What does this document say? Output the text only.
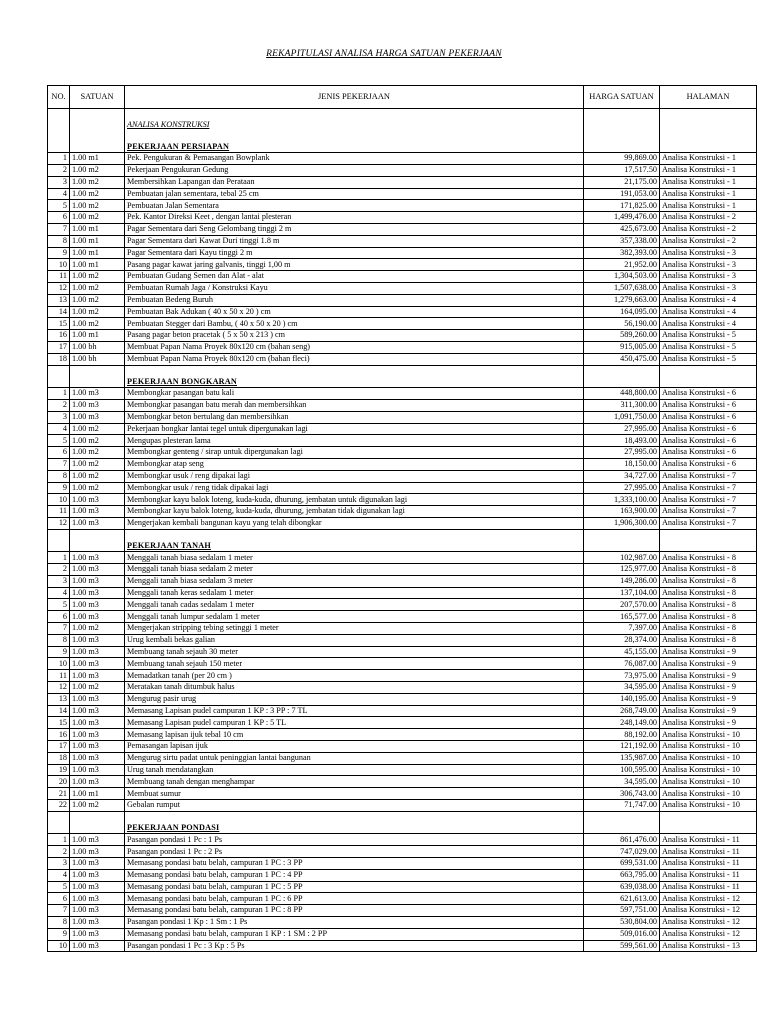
REKAPITULASI ANALISA HARGA SATUAN PEKERJAAN
NO.	SATUAN	JENIS PEKERJAAN	HARGA SATUAN	HALAMAN

		ANALISA KONSTRUKSI		

		PEKERJAAN PERSIAPAN		
1	1.00 m1	Pek. Pengukuran & Pemasangan Bowplank	99,869.00	Analisa Konstruksi - 1
2	1.00 m2	Pekerjaan Pengukuran Gedung	17,517.50	Analisa Konstruksi - 1
3	1.00 m2	Membersihkan Lapangan dan Perataan	21,175.00	Analisa Konstruksi - 1
4	1.00 m2	Pembuatan jalan sementara, tebal 25 cm	191,053.00	Analisa Konstruksi - 1
5	1.00 m2	Pembuatan Jalan Sementara	171,825.00	Analisa Konstruksi - 1
6	1.00 m2	Pek. Kantor Direksi Keet , dengan lantai plesteran	1,499,476.00	Analisa Konstruksi - 2
7	1.00 m1	Pagar Sementara dari Seng Gelombang tinggi 2 m	425,673.00	Analisa Konstruksi - 2
8	1.00 m1	Pagar Sementara dari Kawat Duri tinggi 1.8 m	357,338.00	Analisa Konstruksi - 2
9	1.00 m1	Pagar Sementara dari Kayu tinggi 2 m	382,393.00	Analisa Konstruksi - 3
10	1.00 m1	Pasang pagar kawat jaring galvanis, tinggi 1,00 m	21,952.00	Analisa Konstruksi - 3
11	1.00 m2	Pembuatan Gudang Semen dan Alat - alat	1,304,503.00	Analisa Konstruksi - 3
12	1.00 m2	Pembuatan Rumah Jaga / Konstruksi Kayu	1,507,638.00	Analisa Konstruksi - 3
13	1.00 m2	Pembuatan Bedeng Buruh	1,279,663.00	Analisa Konstruksi - 4
14	1.00 m2	Pembuatan Bak Adukan ( 40 x 50 x 20 ) cm	164,095.00	Analisa Konstruksi - 4
15	1.00 m2	Pembuatan Stegger dari Bambu, ( 40 x 50 x 20 ) cm	56,190.00	Analisa Konstruksi - 4
16	1.00 m1	Pasang pagar beton pracetak ( 5 x 50 x 213 ) cm	589,260.00	Analisa Konstruksi - 5
17	1.00 bh	Membuat Papan Nama Proyek 80x120 cm (bahan seng)	915,005.00	Analisa Konstruksi - 5
18	1.00 bh	Membuat Papan Nama Proyek 80x120 cm (bahan fleci)	450,475.00	Analisa Konstruksi - 5

		PEKERJAAN BONGKARAN		
1	1.00 m3	Membongkar pasangan batu kali	448,800.00	Analisa Konstruksi - 6
2	1.00 m3	Membongkar pasangan batu merah dan membersihkan	311,300.00	Analisa Konstruksi - 6
3	1.00 m3	Membongkar beton bertulang dan membersihkan	1,091,750.00	Analisa Konstruksi - 6
4	1.00 m2	Pekerjaan bongkar lantai tegel untuk dipergunakan lagi	27,995.00	Analisa Konstruksi - 6
5	1.00 m2	Mengupas plesteran lama	18,493.00	Analisa Konstruksi - 6
6	1.00 m2	Membongkar genteng / sirap untuk dipergunakan lagi	27,995.00	Analisa Konstruksi - 6
7	1.00 m2	Membongkar atap seng	18,150.00	Analisa Konstruksi - 6
8	1.00 m2	Membongkar usuk / reng dipakai lagi	34,727.00	Analisa Konstruksi - 7
9	1.00 m2	Membongkar usuk / reng tidak dipakai lagi	27,995.00	Analisa Konstruksi - 7
10	1.00 m3	Membongkar kayu balok loteng, kuda-kuda, dhurung, jembatan untuk digunakan lagi	1,333,100.00	Analisa Konstruksi - 7
11	1.00 m3	Membongkar kayu balok loteng, kuda-kuda, dhurung, jembatan tidak digunakan lagi	163,900.00	Analisa Konstruksi - 7
12	1.00 m3	Mengerjakan kembali bangunan kayu yang telah dibongkar	1,906,300.00	Analisa Konstruksi - 7

		PEKERJAAN TANAH		
1	1.00 m3	Menggali tanah biasa sedalam 1 meter	102,987.00	Analisa Konstruksi - 8
2	1.00 m3	Menggali tanah biasa sedalam 2 meter	125,977.00	Analisa Konstruksi - 8
3	1.00 m3	Menggali tanah biasa sedalam 3 meter	149,286.00	Analisa Konstruksi - 8
4	1.00 m3	Menggali tanah keras sedalam 1 meter	137,104.00	Analisa Konstruksi - 8
5	1.00 m3	Menggali tanah cadas sedalam 1 meter	207,570.00	Analisa Konstruksi - 8
6	1.00 m3	Menggali tanah lumpur sedalam 1 meter	165,577.00	Analisa Konstruksi - 8
7	1.00 m2	Mengerjakan stripping tebing setinggi 1 meter	7,397.00	Analisa Konstruksi - 8
8	1.00 m3	Urug kembali bekas galian	28,374.00	Analisa Konstruksi - 8
9	1.00 m3	Membuang tanah sejauh 30 meter	45,155.00	Analisa Konstruksi - 9
10	1.00 m3	Membuang tanah sejauh 150 meter	76,087.00	Analisa Konstruksi - 9
11	1.00 m3	Memadatkan tanah (per 20 cm )	73,975.00	Analisa Konstruksi - 9
12	1.00 m2	Meratakan tanah ditumbuk halus	34,595.00	Analisa Konstruksi - 9
13	1.00 m3	Mengurug pasir urug	140,195.00	Analisa Konstruksi - 9
14	1.00 m3	Memasang Lapisan pudel campuran 1 KP : 3 PP : 7 TL	268,749.00	Analisa Konstruksi - 9
15	1.00 m3	Memasang Lapisan pudel campuran 1 KP : 5 TL	248,149.00	Analisa Konstruksi - 9
16	1.00 m3	Memasang lapisan ijuk tebal 10 cm	88,192.00	Analisa Konstruksi - 10
17	1.00 m3	Pemasangan lapisan ijuk	121,192.00	Analisa Konstruksi - 10
18	1.00 m3	Mengurug sirtu padat untuk peninggian lantai bangunan	135,987.00	Analisa Konstruksi - 10
19	1.00 m3	Urug tanah mendatangkan	100,595.00	Analisa Konstruksi - 10
20	1.00 m3	Membuang tanah dengan menghampar	34,595.00	Analisa Konstruksi - 10
21	1.00 m1	Membuat sumur	306,743.00	Analisa Konstruksi - 10
22	1.00 m2	Gebalan rumput	71,747.00	Analisa Konstruksi - 10

		PEKERJAAN PONDASI		
1	1.00 m3	Pasangan pondasi 1 Pc : 1 Ps	861,476.00	Analisa Konstruksi - 11
2	1.00 m3	Pasangan pondasi 1 Pc : 2 Ps	747,029.00	Analisa Konstruksi - 11
3	1.00 m3	Memasang pondasi batu belah, campuran 1 PC : 3 PP	699,531.00	Analisa Konstruksi - 11
4	1.00 m3	Memasang pondasi batu belah, campuran 1 PC : 4 PP	663,795.00	Analisa Konstruksi - 11
5	1.00 m3	Memasang pondasi batu belah, campuran 1 PC : 5 PP	639,038.00	Analisa Konstruksi - 11
6	1.00 m3	Memasang pondasi batu belah, campuran 1 PC : 6 PP	621,613.00	Analisa Konstruksi - 12
7	1.00 m3	Memasang pondasi batu belah, campuran 1 PC : 8 PP	597,751.00	Analisa Konstruksi - 12
8	1.00 m3	Pasangan pondasi 1 Kp : 1 Sm : 1 Ps	530,804.00	Analisa Konstruksi - 12
9	1.00 m3	Memasang pondasi batu belah, campuran 1 KP : 1 SM : 2 PP	509,016.00	Analisa Konstruksi - 12
10	1.00 m3	Pasangan pondasi 1 Pc : 3 Kp : 5 Ps	599,561.00	Analisa Konstruksi - 13
